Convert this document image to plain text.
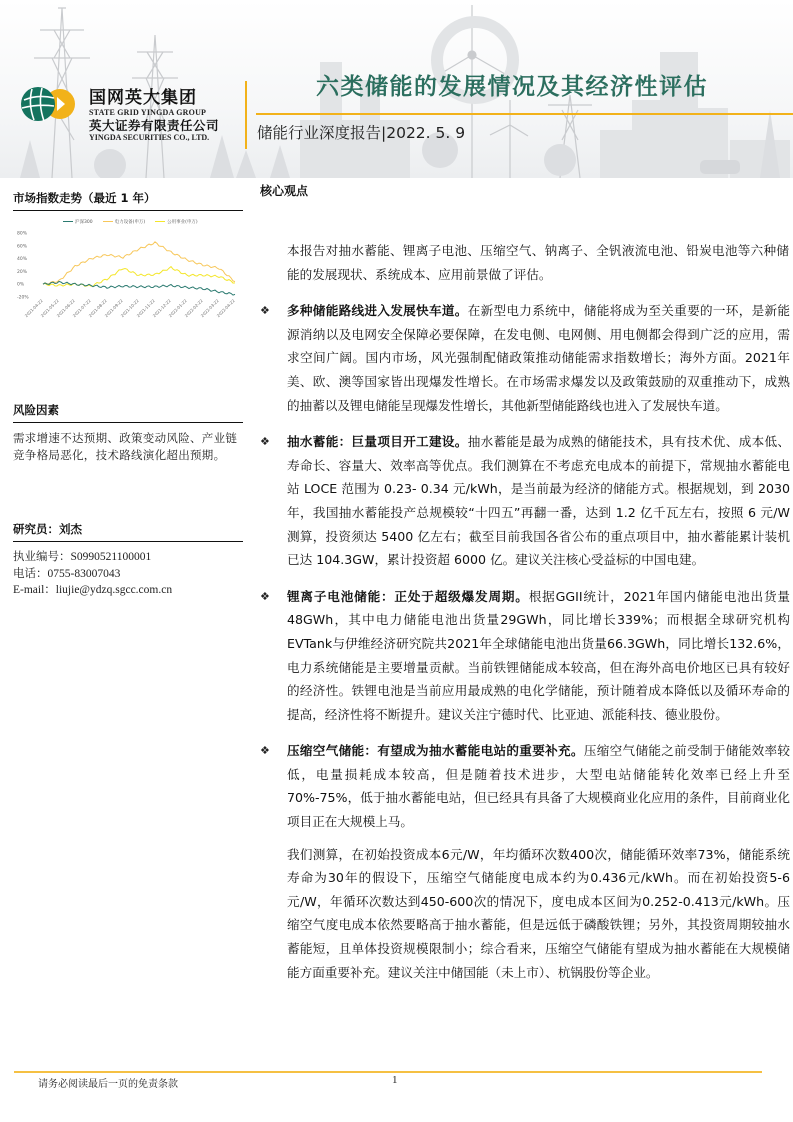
国网英大集团
STATE GRID YINGDA GROUP
英大证券有限责任公司
YINGDA SECURITIES CO., LTD.
六类储能的发展情况及其经济性评估
储能行业深度报告|2022. 5. 9
市场指数走势（最近 1 年）
沪深300	电力设备(申万)	公用事业(申万)
80%
60%
40%
20%
0%
-20%
2021-04-22
2021-05-22
2021-06-22
2021-07-22
2021-08-22
2021-09-22
2021-10-22
2021-11-22
2021-12-22
2022-01-22
2022-02-22
2022-03-22
2022-04-22
风险因素
需求增速不达预期、政策变动风险、产业链竞争格局恶化，技术路线演化超出预期。
研究员：刘杰
执业编号：S0990521100001
电话：0755-83007043
E-mail：liujie@ydzq.sgcc.com.cn
核心观点

本报告对抽水蓄能、锂离子电池、压缩空气、钠离子、全钒液流电池、铅炭电池等六种储能的发展现状、系统成本、应用前景做了评估。

❖ 多种储能路线进入发展快车道。在新型电力系统中，储能将成为至关重要的一环，是新能源消纳以及电网安全保障必要保障，在发电侧、电网侧、用电侧都会得到广泛的应用，需求空间广阔。国内市场，风光强制配储政策推动储能需求指数增长；海外方面。2021年美、欧、澳等国家皆出现爆发性增长。在市场需求爆发以及政策鼓励的双重推动下，成熟的抽蓄以及锂电储能呈现爆发性增长，其他新型储能路线也进入了发展快车道。

❖ 抽水蓄能：巨量项目开工建设。抽水蓄能是最为成熟的储能技术，具有技术优、成本低、寿命长、容量大、效率高等优点。我们测算在不考虑充电成本的前提下，常规抽水蓄能电站 LOCE 范围为 0.23- 0.34 元/kWh，是当前最为经济的储能方式。根据规划，到 2030 年，我国抽水蓄能投产总规模较“十四五”再翻一番，达到 1.2 亿千瓦左右，按照 6 元/W 测算，投资须达 5400 亿左右；截至目前我国各省公布的重点项目中，抽水蓄能累计装机已达 104.3GW，累计投资超 6000 亿。建议关注核心受益标的中国电建。

❖ 锂离子电池储能：正处于超级爆发周期。根据GGII统计，2021年国内储能电池出货量48GWh，其中电力储能电池出货量29GWh，同比增长339%；而根据全球研究机构EVTank与伊维经济研究院共2021年全球储能电池出货量66.3GWh，同比增长132.6%，电力系统储能是主要增量贡献。当前铁锂储能成本较高，但在海外高电价地区已具有较好的经济性。铁锂电池是当前应用最成熟的电化学储能，预计随着成本降低以及循环寿命的提高，经济性将不断提升。建议关注宁德时代、比亚迪、派能科技、德业股份。

❖ 压缩空气储能：有望成为抽水蓄能电站的重要补充。压缩空气储能之前受制于储能效率较低，电量损耗成本较高，但是随着技术进步，大型电站储能转化效率已经上升至70%-75%，低于抽水蓄能电站，但已经具有具备了大规模商业化应用的条件，目前商业化项目正在大规模上马。

我们测算，在初始投资成本6元/W，年均循环次数400次，储能循环效率73%，储能系统寿命为30年的假设下，压缩空气储能度电成本约为0.436元/kWh。而在初始投资5-6元/W，年循环次数达到450-600次的情况下，度电成本区间为0.252-0.413元/kWh。压缩空气度电成本依然要略高于抽水蓄能，但是远低于磷酸铁锂；另外，其投资周期较抽水蓄能短，且单体投资规模限制小；综合看来，压缩空气储能有望成为抽水蓄能在大规模储能方面重要补充。建议关注中储国能（未上市）、杭锅股份等企业。

请务必阅读最后一页的免责条款	1
